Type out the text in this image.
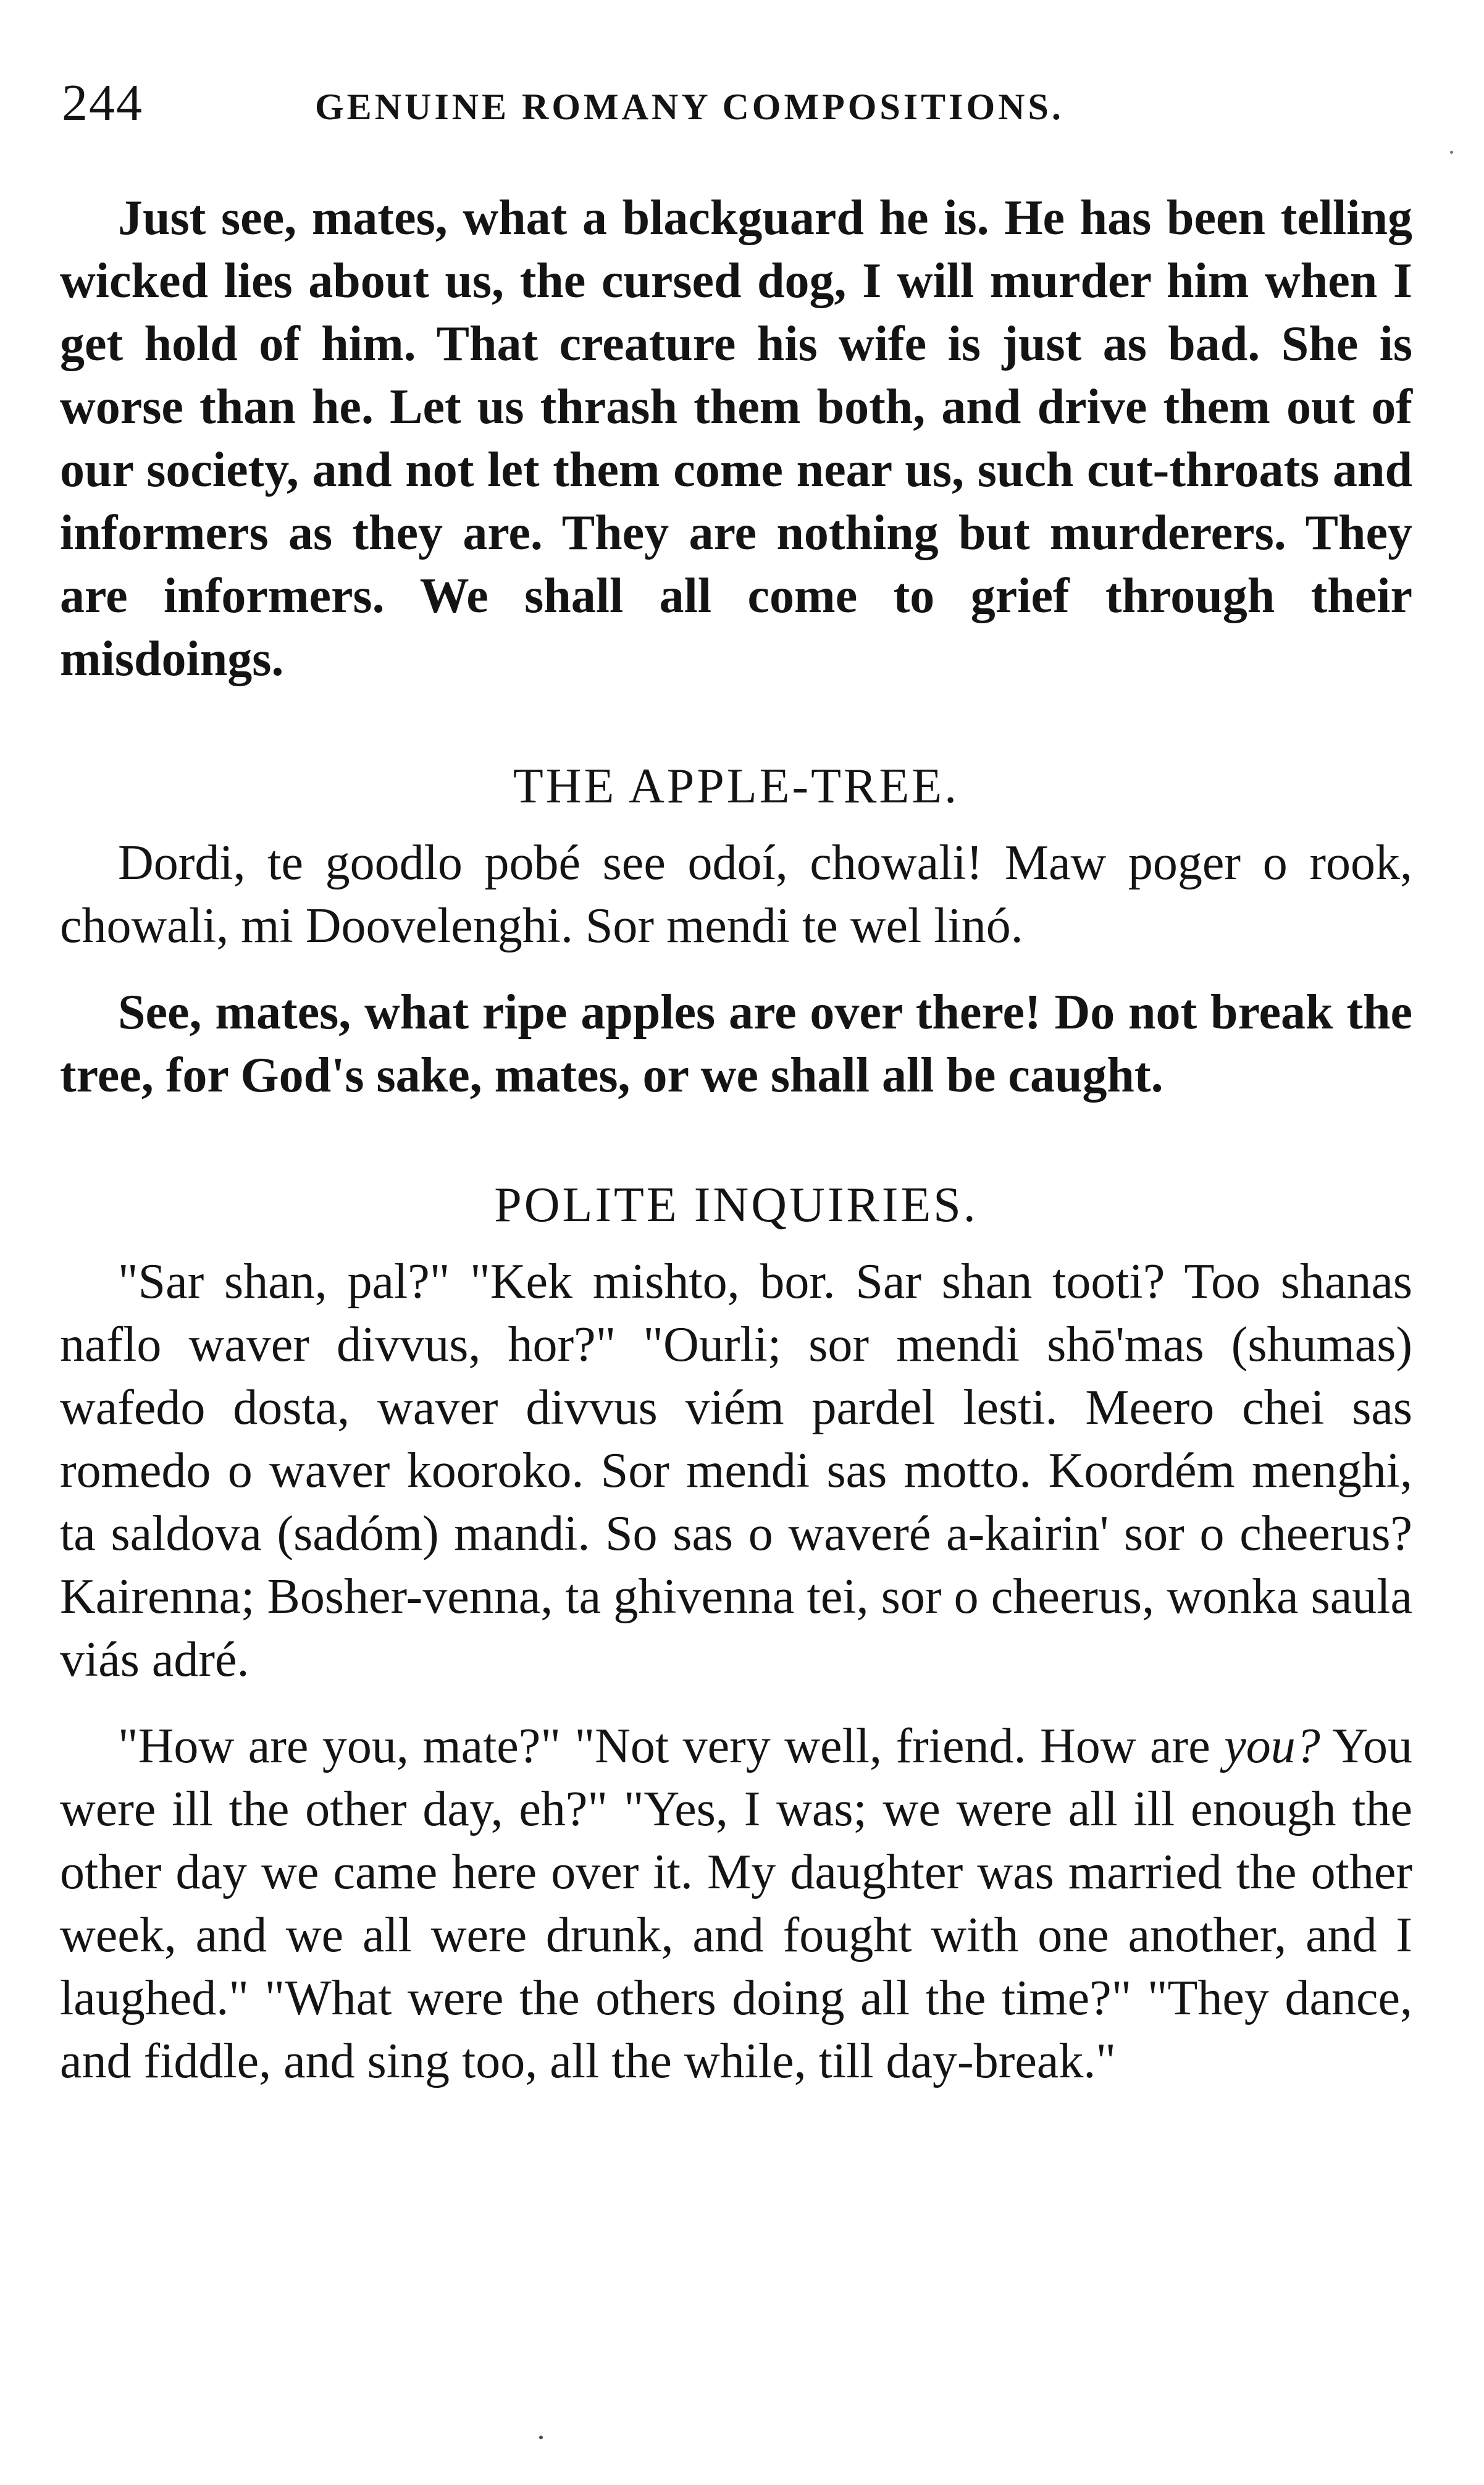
244	GENUINE ROMANY COMPOSITIONS.

Just see, mates, what a blackguard he is. He has been telling wicked lies about us, the cursed dog, I will murder him when I get hold of him. That creature his wife is just as bad. She is worse than he. Let us thrash them both, and drive them out of our society, and not let them come near us, such cut-throats and informers as they are. They are nothing but murderers. They are informers. We shall all come to grief through their misdoings.

THE APPLE-TREE.

Dordi, te goodlo pobé see odoí, chowali! Maw poger o rook, chowali, mi Doovelenghi. Sor mendi te wel linó.

See, mates, what ripe apples are over there! Do not break the tree, for God's sake, mates, or we shall all be caught.

POLITE INQUIRIES.

"Sar shan, pal?" "Kek mishto, bor. Sar shan tooti? Too shanas naflo waver divvus, hor?" "Ourli; sor mendi shō'mas (shumas) wafedo dosta, waver divvus viém pardel lesti. Meero chei sas romedo o waver kooroko. Sor mendi sas motto. Koordém menghi, ta saldova (sadóm) mandi. So sas o waveré a-kairin' sor o cheerus? Kairenna; Bosher-venna, ta ghivenna tei, sor o cheerus, wonka saula viás adré.

"How are you, mate?" "Not very well, friend. How are you? You were ill the other day, eh?" "Yes, I was; we were all ill enough the other day we came here over it. My daughter was married the other week, and we all were drunk, and fought with one another, and I laughed." "What were the others doing all the time?" "They dance, and fiddle, and sing too, all the while, till day-break."
